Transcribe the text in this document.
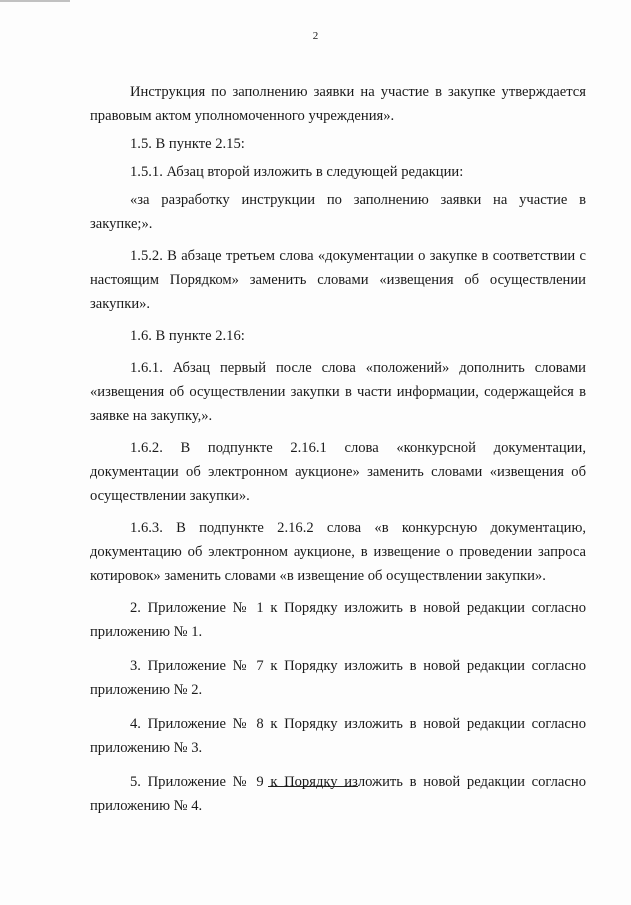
2

Инструкция по заполнению заявки на участие в закупке утверждается правовым актом уполномоченного учреждения».

1.5. В пункте 2.15:

1.5.1. Абзац второй изложить в следующей редакции:

«за разработку инструкции по заполнению заявки на участие в закупке;».

1.5.2. В абзаце третьем слова «документации о закупке в соответствии с настоящим Порядком» заменить словами «извещения об осуществлении закупки».

1.6. В пункте 2.16:

1.6.1. Абзац первый после слова «положений» дополнить словами «извещения об осуществлении закупки в части информации, содержащейся в заявке на закупку,».

1.6.2. В подпункте 2.16.1 слова «конкурсной документации, документации об электронном аукционе» заменить словами «извещения об осуществлении закупки».

1.6.3. В подпункте 2.16.2 слова «в конкурсную документацию, документацию об электронном аукционе, в извещение о проведении запроса котировок» заменить словами «в извещение об осуществлении закупки».

2. Приложение № 1 к Порядку изложить в новой редакции согласно приложению № 1.

3. Приложение № 7 к Порядку изложить в новой редакции согласно приложению № 2.

4. Приложение № 8 к Порядку изложить в новой редакции согласно приложению № 3.

5. Приложение № 9 к Порядку изложить в новой редакции согласно приложению № 4.
